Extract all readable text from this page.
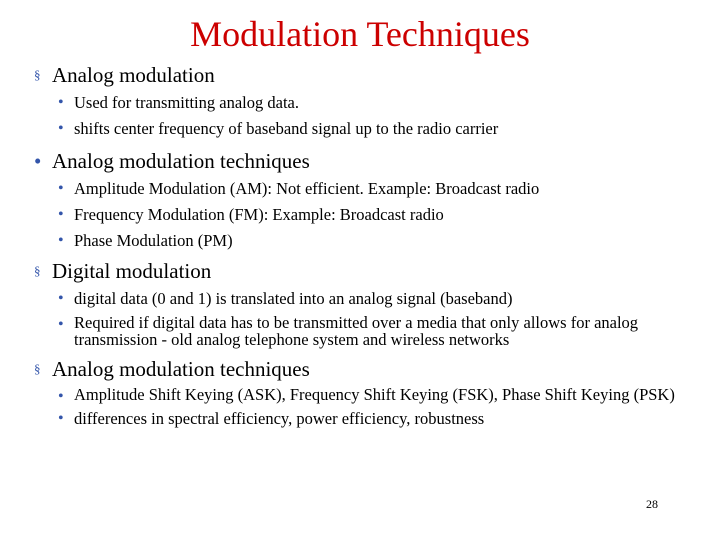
Modulation Techniques
§ Analog modulation
• Used for transmitting analog data.
• shifts center frequency of baseband signal up to the radio carrier
• Analog modulation techniques
• Amplitude Modulation (AM): Not efficient. Example: Broadcast radio
• Frequency Modulation (FM): Example: Broadcast radio
• Phase Modulation (PM)
§ Digital modulation
• digital data (0 and 1) is translated into an analog signal (baseband)
• Required if digital data has to be transmitted over a media that only allows for analog transmission - old analog telephone system and wireless networks
§ Analog modulation techniques
• Amplitude Shift Keying (ASK), Frequency Shift Keying (FSK), Phase Shift Keying (PSK)
• differences in spectral efficiency, power efficiency, robustness
28
